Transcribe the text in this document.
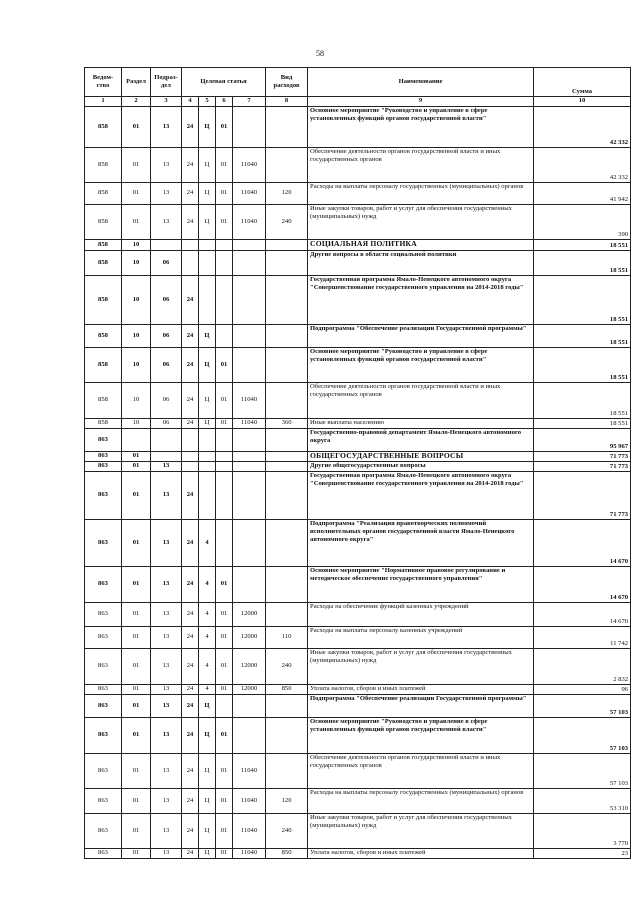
58
Ведом-ство	Раздел	Подраз-дел	Целевая статья				Вид расходов	Наименование	Сумма
1	2	3	4	5	6	7	8	9	10
858	01	13	24	Ц	01			Основное мероприятие "Руководство и управление в сфере установленных функций органов государственной власти"	42 332
858	01	13	24	Ц	01	11040		Обеспечение деятельности органов государственной власти и иных государственных органов	42 332
858	01	13	24	Ц	01	11040	120	Расходы на выплаты персоналу государственных (муниципальных) органов	41 942
858	01	13	24	Ц	01	11040	240	Иные закупки товаров, работ и услуг для обеспечения государственных (муниципальных) нужд	390
858	10							СОЦИАЛЬНАЯ ПОЛИТИКА	18 551
858	10	06						Другие вопросы в области социальной политики	18 551
858	10	06	24					Государственная программа Ямало-Ненецкого автономного округа "Совершенствование государственного управления на 2014-2018 годы"	18 551
858	10	06	24	Ц				Подпрограмма "Обеспечение реализации Государственной программы"	18 551
858	10	06	24	Ц	01			Основное мероприятие "Руководство и управление в сфере установленных функций органов государственной власти"	18 551
858	10	06	24	Ц	01	11040		Обеспечение деятельности органов государственной власти и иных государственных органов	18 551
858	10	06	24	Ц	01	11040	360	Иные выплаты населению	18 551
863								Государственно-правовой департамент Ямало-Ненецкого автономного округа	95 967
863	01							ОБЩЕГОСУДАРСТВЕННЫЕ ВОПРОСЫ	71 773
863	01	13						Другие общегосударственные вопросы	71 773
863	01	13	24					Государственная программа Ямало-Ненецкого автономного округа "Совершенствование государственного управления на 2014-2018 годы"	71 773
863	01	13	24	4				Подпрограмма "Реализация правотворческих полномочий исполнительных органов государственной власти Ямало-Ненецкого автономного округа"	14 670
863	01	13	24	4	01			Основное мероприятие "Нормативное правовое регулирование и методическое обеспечение государственного управления"	14 670
863	01	13	24	4	01	12000		Расходы на обеспечение функций казенных учреждений	14 670
863	01	13	24	4	01	12000	110	Расходы на выплаты персоналу казенных учреждений	11 742
863	01	13	24	4	01	12000	240	Иные закупки товаров, работ и услуг для обеспечения государственных (муниципальных) нужд	2 832
863	01	13	24	4	01	12000	850	Уплата налогов, сборов и иных платежей	96
863	01	13	24	Ц				Подпрограмма "Обеспечение реализации Государственной программы"	57 103
863	01	13	24	Ц	01			Основное мероприятие "Руководство и управление в сфере установленных функций органов государственной власти"	57 103
863	01	13	24	Ц	01	11040		Обеспечение деятельности органов государственной власти и иных государственных органов	57 103
863	01	13	24	Ц	01	11040	120	Расходы на выплаты персоналу государственных (муниципальных) органов	53 310
863	01	13	24	Ц	01	11040	240	Иные закупки товаров, работ и услуг для обеспечения государственных (муниципальных) нужд	3 770
863	01	13	24	Ц	01	11040	850	Уплата налогов, сборов и иных платежей	23
